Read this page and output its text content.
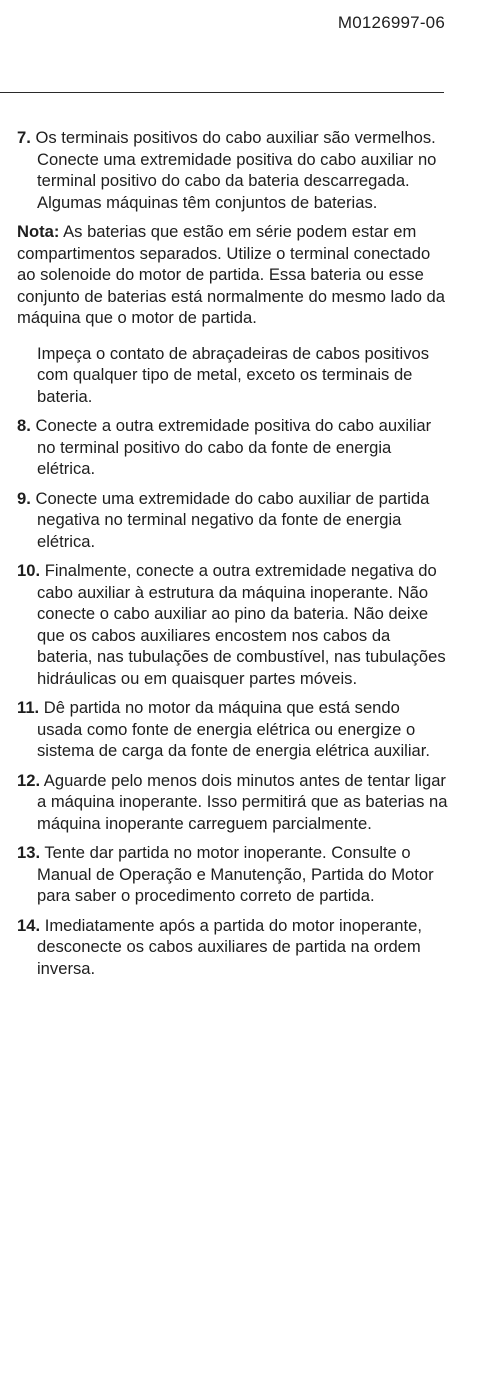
M0126997-06
7. Os terminais positivos do cabo auxiliar são vermelhos. Conecte uma extremidade positiva do cabo auxiliar no terminal positivo do cabo da bateria descarregada. Algumas máquinas têm conjuntos de baterias.
Nota: As baterias que estão em série podem estar em compartimentos separados. Utilize o terminal conectado ao solenoide do motor de partida. Essa bateria ou esse conjunto de baterias está normalmente do mesmo lado da máquina que o motor de partida.
Impeça o contato de abraçadeiras de cabos positivos com qualquer tipo de metal, exceto os terminais de bateria.
8. Conecte a outra extremidade positiva do cabo auxiliar no terminal positivo do cabo da fonte de energia elétrica.
9. Conecte uma extremidade do cabo auxiliar de partida negativa no terminal negativo da fonte de energia elétrica.
10. Finalmente, conecte a outra extremidade negativa do cabo auxiliar à estrutura da máquina inoperante. Não conecte o cabo auxiliar ao pino da bateria. Não deixe que os cabos auxiliares encostem nos cabos da bateria, nas tubulações de combustível, nas tubulações hidráulicas ou em quaisquer partes móveis.
11. Dê partida no motor da máquina que está sendo usada como fonte de energia elétrica ou energize o sistema de carga da fonte de energia elétrica auxiliar.
12. Aguarde pelo menos dois minutos antes de tentar ligar a máquina inoperante. Isso permitirá que as baterias na máquina inoperante carreguem parcialmente.
13. Tente dar partida no motor inoperante. Consulte o Manual de Operação e Manutenção, Partida do Motor para saber o procedimento correto de partida.
14. Imediatamente após a partida do motor inoperante, desconecte os cabos auxiliares de partida na ordem inversa.
